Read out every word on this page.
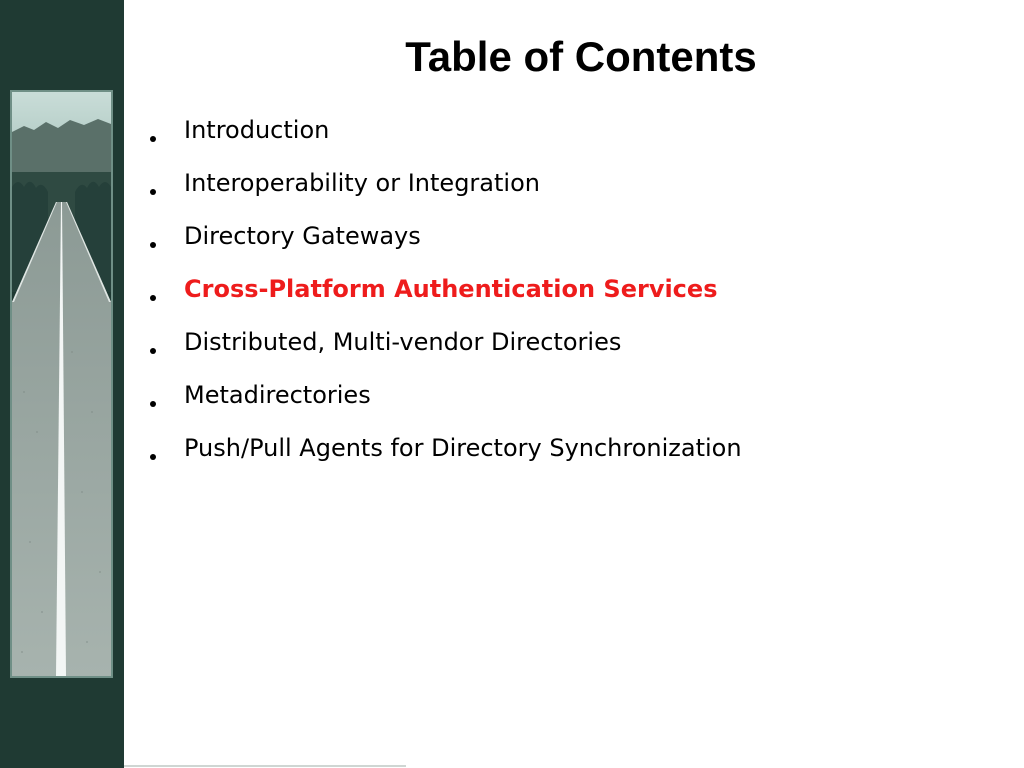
Table of Contents
Introduction
Interoperability or Integration
Directory Gateways
Cross-Platform Authentication Services
Distributed, Multi-vendor Directories
Metadirectories
Push/Pull Agents for Directory Synchronization
